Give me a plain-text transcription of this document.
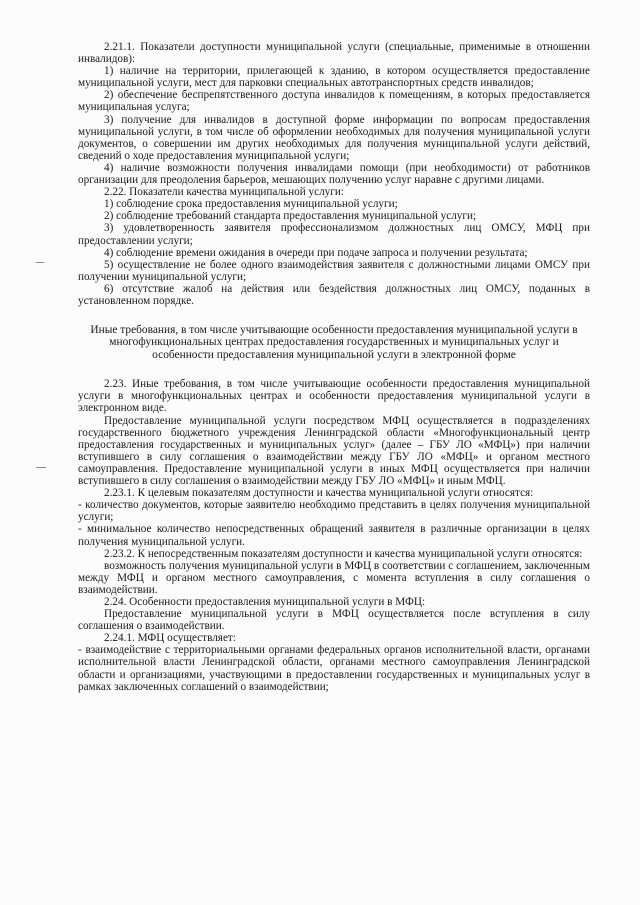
2.21.1. Показатели доступности муниципальной услуги (специальные, применимые в отношении инвалидов):

1) наличие на территории, прилегающей к зданию, в котором осуществляется предоставление муниципальной услуги, мест для парковки специальных автотранспортных средств инвалидов;

2) обеспечение беспрепятственного доступа инвалидов к помещениям, в которых предоставляется муниципальная услуга;

3) получение для инвалидов в доступной форме информации по вопросам предоставления муниципальной услуги, в том числе об оформлении необходимых для получения муниципальной услуги документов, о совершении им других необходимых для получения муниципальной услуги действий, сведений о ходе предоставления муниципальной услуги;

4) наличие возможности получения инвалидами помощи (при необходимости) от работников организации для преодоления барьеров, мешающих получению услуг наравне с другими лицами.

2.22. Показатели качества муниципальной услуги:

1) соблюдение срока предоставления муниципальной услуги;

2) соблюдение требований стандарта предоставления муниципальной услуги;

3) удовлетворенность заявителя профессионализмом должностных лиц ОМСУ, МФЦ при предоставлении услуги;

4) соблюдение времени ожидания в очереди при подаче запроса и получении результата;

5) осуществление не более одного взаимодействия заявителя с должностными лицами ОМСУ при получении муниципальной услуги;

6) отсутствие жалоб на действия или бездействия должностных лиц ОМСУ, поданных в установленном порядке.

Иные требования, в том числе учитывающие особенности предоставления муниципальной услуги в многофункциональных центрах предоставления государственных и муниципальных услуг и особенности предоставления муниципальной услуги в электронной форме

2.23. Иные требования, в том числе учитывающие особенности предоставления муниципальной услуги в многофункциональных центрах и особенности предоставления муниципальной услуги в электронном виде.

Предоставление муниципальной услуги посредством МФЦ осуществляется в подразделениях государственного бюджетного учреждения Ленинградской области «Многофункциональный центр предоставления государственных и муниципальных услуг» (далее – ГБУ ЛО «МФЦ») при наличии вступившего в силу соглашения о взаимодействии между ГБУ ЛО «МФЦ» и органом местного самоуправления. Предоставление муниципальной услуги в иных МФЦ осуществляется при наличии вступившего в силу соглашения о взаимодействии между ГБУ ЛО «МФЦ» и иным МФЦ.

2.23.1. К целевым показателям доступности и качества муниципальной услуги относятся:

- количество документов, которые заявителю необходимо представить в целях получения муниципальной услуги;

- минимальное количество непосредственных обращений заявителя в различные организации в целях получения муниципальной услуги.

2.23.2. К непосредственным показателям доступности и качества муниципальной услуги относятся:

возможность получения муниципальной услуги в МФЦ в соответствии с соглашением, заключенным между МФЦ и органом местного самоуправления, с момента вступления в силу соглашения о взаимодействии.

2.24. Особенности предоставления муниципальной услуги в МФЦ:

Предоставление муниципальной услуги в МФЦ осуществляется после вступления в силу соглашения о взаимодействии.

2.24.1. МФЦ осуществляет:

- взаимодействие с территориальными органами федеральных органов исполнительной власти, органами исполнительной власти Ленинградской области, органами местного самоуправления Ленинградской области и организациями, участвующими в предоставлении государственных и муниципальных услуг в рамках заключенных соглашений о взаимодействии;
